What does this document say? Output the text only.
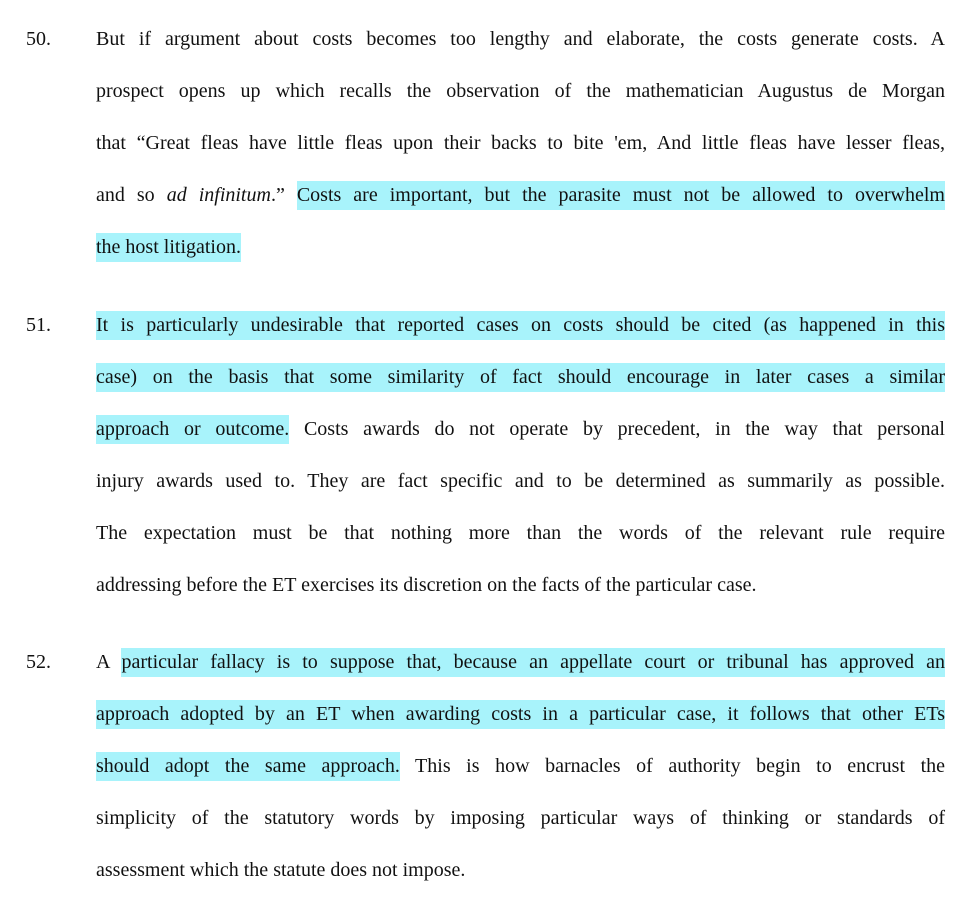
50. But if argument about costs becomes too lengthy and elaborate, the costs generate costs. A
prospect opens up which recalls the observation of the mathematician Augustus de Morgan
that “Great fleas have little fleas upon their backs to bite 'em, And little fleas have lesser fleas,
and so ad infinitum.” Costs are important, but the parasite must not be allowed to overwhelm
the host litigation.
51. It is particularly undesirable that reported cases on costs should be cited (as happened in this
case) on the basis that some similarity of fact should encourage in later cases a similar
approach or outcome. Costs awards do not operate by precedent, in the way that personal
injury awards used to. They are fact specific and to be determined as summarily as possible.
The expectation must be that nothing more than the words of the relevant rule require
addressing before the ET exercises its discretion on the facts of the particular case.
52. A particular fallacy is to suppose that, because an appellate court or tribunal has approved an
approach adopted by an ET when awarding costs in a particular case, it follows that other ETs
should adopt the same approach. This is how barnacles of authority begin to encrust the
simplicity of the statutory words by imposing particular ways of thinking or standards of
assessment which the statute does not impose.
